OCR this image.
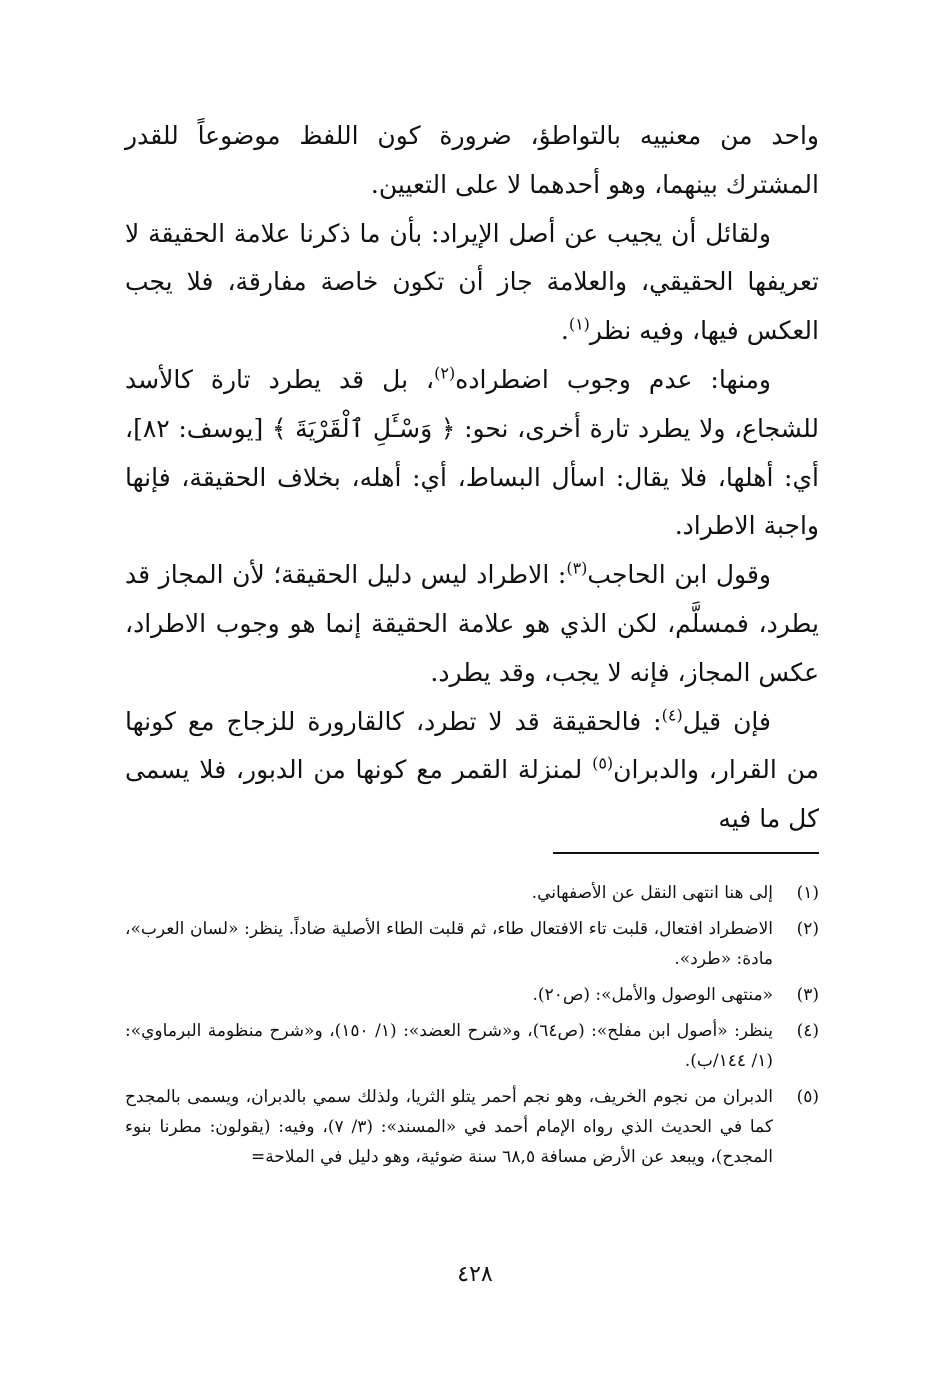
واحد من معنييه بالتواطؤ، ضرورة كون اللفظ موضوعاً للقدر المشترك بينهما، وهو أحدهما لا على التعيين.

ولقائل أن يجيب عن أصل الإيراد: بأن ما ذكرنا علامة الحقيقة لا تعريفها الحقيقي، والعلامة جاز أن تكون خاصة مفارقة، فلا يجب العكس فيها، وفيه نظر$^{(١)}$.

ومنها: عدم وجوب اضطراده$^{(٢)}$، بل قد يطرد تارة كالأسد للشجاع، ولا يطرد تارة أخرى، نحو: ﴿ وَسْـَٔلِ ٱلْقَرْيَةَ ﴾ [يوسف: ٨٢]، أي: أهلها، فلا يقال: اسأل البساط، أي: أهله، بخلاف الحقيقة، فإنها واجبة الاطراد.

وقول ابن الحاجب$^{(٣)}$: الاطراد ليس دليل الحقيقة؛ لأن المجاز قد يطرد، فمسلَّم، لكن الذي هو علامة الحقيقة إنما هو وجوب الاطراد، عكس المجاز، فإنه لا يجب، وقد يطرد.

فإن قيل$^{(٤)}$: فالحقيقة قد لا تطرد، كالقارورة للزجاج مع كونها من القرار، والدبران$^{(٥)}$ لمنزلة القمر مع كونها من الدبور، فلا يسمى كل ما فيه

(١)
إلى هنا انتهى النقل عن الأصفهاني.
(٢)
الاضطراد افتعال، قلبت تاء الافتعال طاء، ثم قلبت الطاء الأصلية ضاداً. ينظر: «لسان العرب»، مادة: «طرد».
(٣)
«منتهى الوصول والأمل»: (ص٢٠).
(٤)
ينظر: «أصول ابن مفلح»: (ص٦٤)، و«شرح العضد»: (١/ ١٥٠)، و«شرح منظومة البرماوي»: (١/ ١٤٤/ب).
(٥)
الدبران من نجوم الخريف، وهو نجم أحمر يتلو الثريا، ولذلك سمي بالدبران، ويسمى بالمجدح كما في الحديث الذي رواه الإمام أحمد في «المسند»: (٣/ ٧)، وفيه: (يقولون: مطرنا بنوء المجدح)، ويبعد عن الأرض مسافة ٦٨,٥ سنة ضوئية، وهو دليل في الملاحة=
٤٢٨
